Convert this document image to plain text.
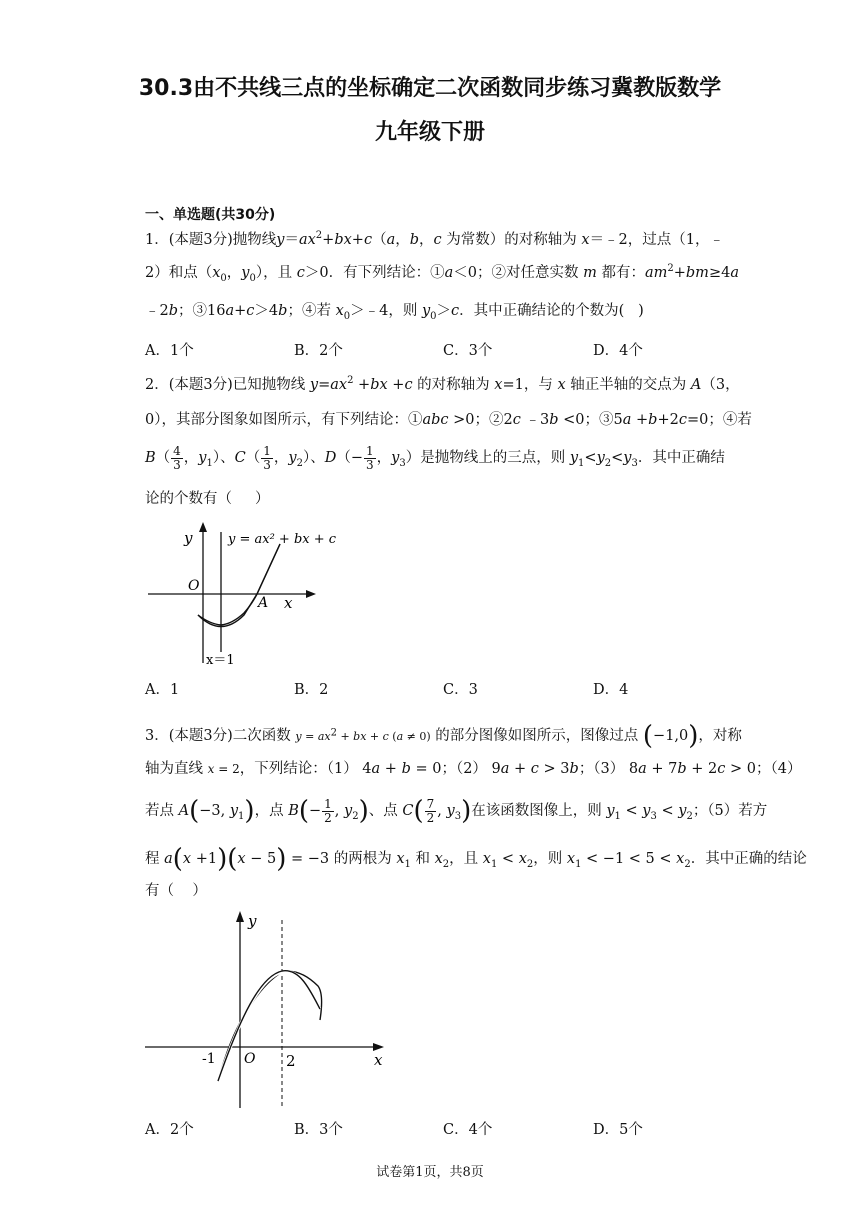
30.3由不共线三点的坐标确定二次函数同步练习冀教版数学
九年级下册
一、单选题(共30分)
1．(本题3分)抛物线$y=ax^2+bx+c(a$，b，c 为常数）的对称轴为 x＝﹣2，过点（1，﹣
2）和点（$x_0$，$y_0$），且 c＞0．有下列结论：①a＜0；②对任意实数 m 都有：$am^2+bm\ge 4a$
﹣2b；③16a+c＞4b；④若 $x_0>﹣4$，则 $y_0>c$．其中正确结论的个数为(   )
A．1个	B．2个	C．3个	D．4个
2．(本题3分)已知抛物线 $y=ax^2 +bx +c$ 的对称轴为 x=1，与 x 轴正半轴的交点为 A（3，
0），其部分图象如图所示，有下列结论：①abc >0；②2c ﹣3b <0；③5a +b+2c=0；④若
$B( \frac{4}{3}$ ，$y_1$）、$C( \frac{1}{3}$ ，$y_2$）、$D(- \frac{1}{3}$ ，$y_3$）是抛物线上的三点，则 $y_1<y_2<y_3$．其中正确结
论的个数有（     ）
y	y = ax² + bx + c
O
A x
x＝1
A．1	B．2	C．3	D．4
3．(本题3分)二次函数 $y = ax^2$ + bx + c (a ≠ 0) 的部分图像如图所示，图像过点 (−1,0)，对称
轴为直线 x = 2，下列结论：（1） 4a + b = 0；（2） 9a + c > 3b；（3） 8a + 7b + 2c > 0；（4）
若点 A(−3, $y_1$)，点 $B(- \frac{1}{2}$ , $y_2$)、点 $C( \frac{7}{2}$ , $y_3$)在该函数图像上，则 $y_1 < y_3 < y_2$；（5）若方
程 a(x +1)(x − 5) = −3 的两根为 $x_1$ 和 $x_2$，且 $x_1 < x_2$，则 $x_1 < -1 < 5 < x_2$．其中正确的结论
有（    ）
y
-1 O 2	x
A．2个	B．3个	C．4个	D．5个
试卷第1页，共8页
